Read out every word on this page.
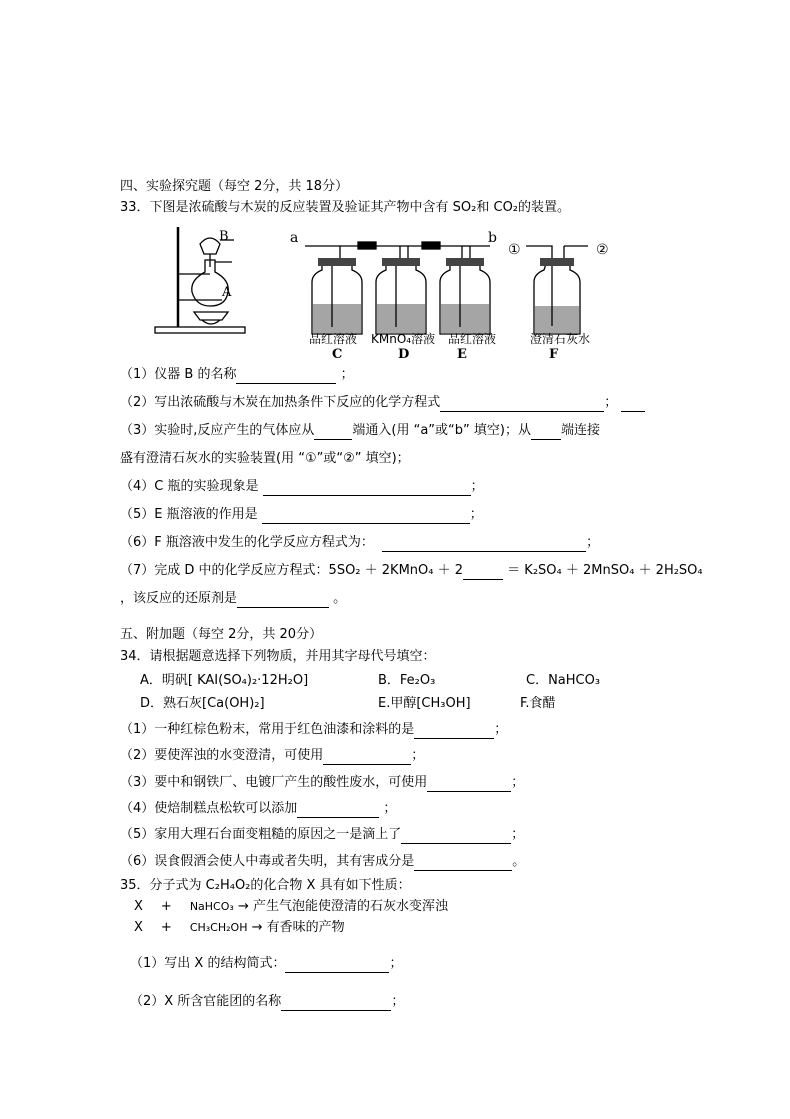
四、实验探究题（每空 2分，共 18分）
33．下图是浓硫酸与木炭的反应装置及验证其产物中含有 SO₂和 CO₂的装置。
B
A
a	b
①	②
品红溶液
C
KMnO₄溶液
D
品红溶液
E
澄清石灰水
F
（1）仪器 B 的名称	；
（2）写出浓硫酸与木炭在加热条件下反应的化学方程式	；
（3）实验时,反应产生的气体应从	端通入(用 “a”或“b” 填空)；从 端连接
盛有澄清石灰水的实验装置(用 “①”或“②” 填空)；
（4）C 瓶的实验现象是	；
（5）E 瓶溶液的作用是	；
（6）F 瓶溶液中发生的化学反应方程式为：	；
（7）完成 D 中的化学反应方程式：5SO₂ ＋ 2KMnO₄ ＋ 2	＝ K₂SO₄ ＋ 2MnSO₄ ＋ 2H₂SO₄
，该反应的还原剂是	。
五、附加题（每空 2分，共 20分）
34．请根据题意选择下列物质，并用其字母代号填空：
A．明矾[ KAI(SO₄)₂·12H₂O]	B．Fe₂O₃	C．NaHCO₃
D．熟石灰[Ca(OH)₂]	E.甲醇[CH₃OH]	F.食醋
（1）一种红棕色粉末，常用于红色油漆和涂料的是	；
（2）要使浑浊的水变澄清，可使用	；
（3）要中和钢铁厂、电镀厂产生的酸性废水，可使用	；
（4）使焙制糕点松软可以添加	；
（5）家用大理石台面变粗糙的原因之一是滴上了	；
（6）误食假酒会使人中毒或者失明，其有害成分是	。
35．分子式为 C₂H₄O₂的化合物 X 具有如下性质：
X + NaHCO₃ → 产生气泡能使澄清的石灰水变浑浊
X + CH₃CH₂OH → 有香味的产物
（1）写出 X 的结构简式：	；
（2）X 所含官能团的名称	；
